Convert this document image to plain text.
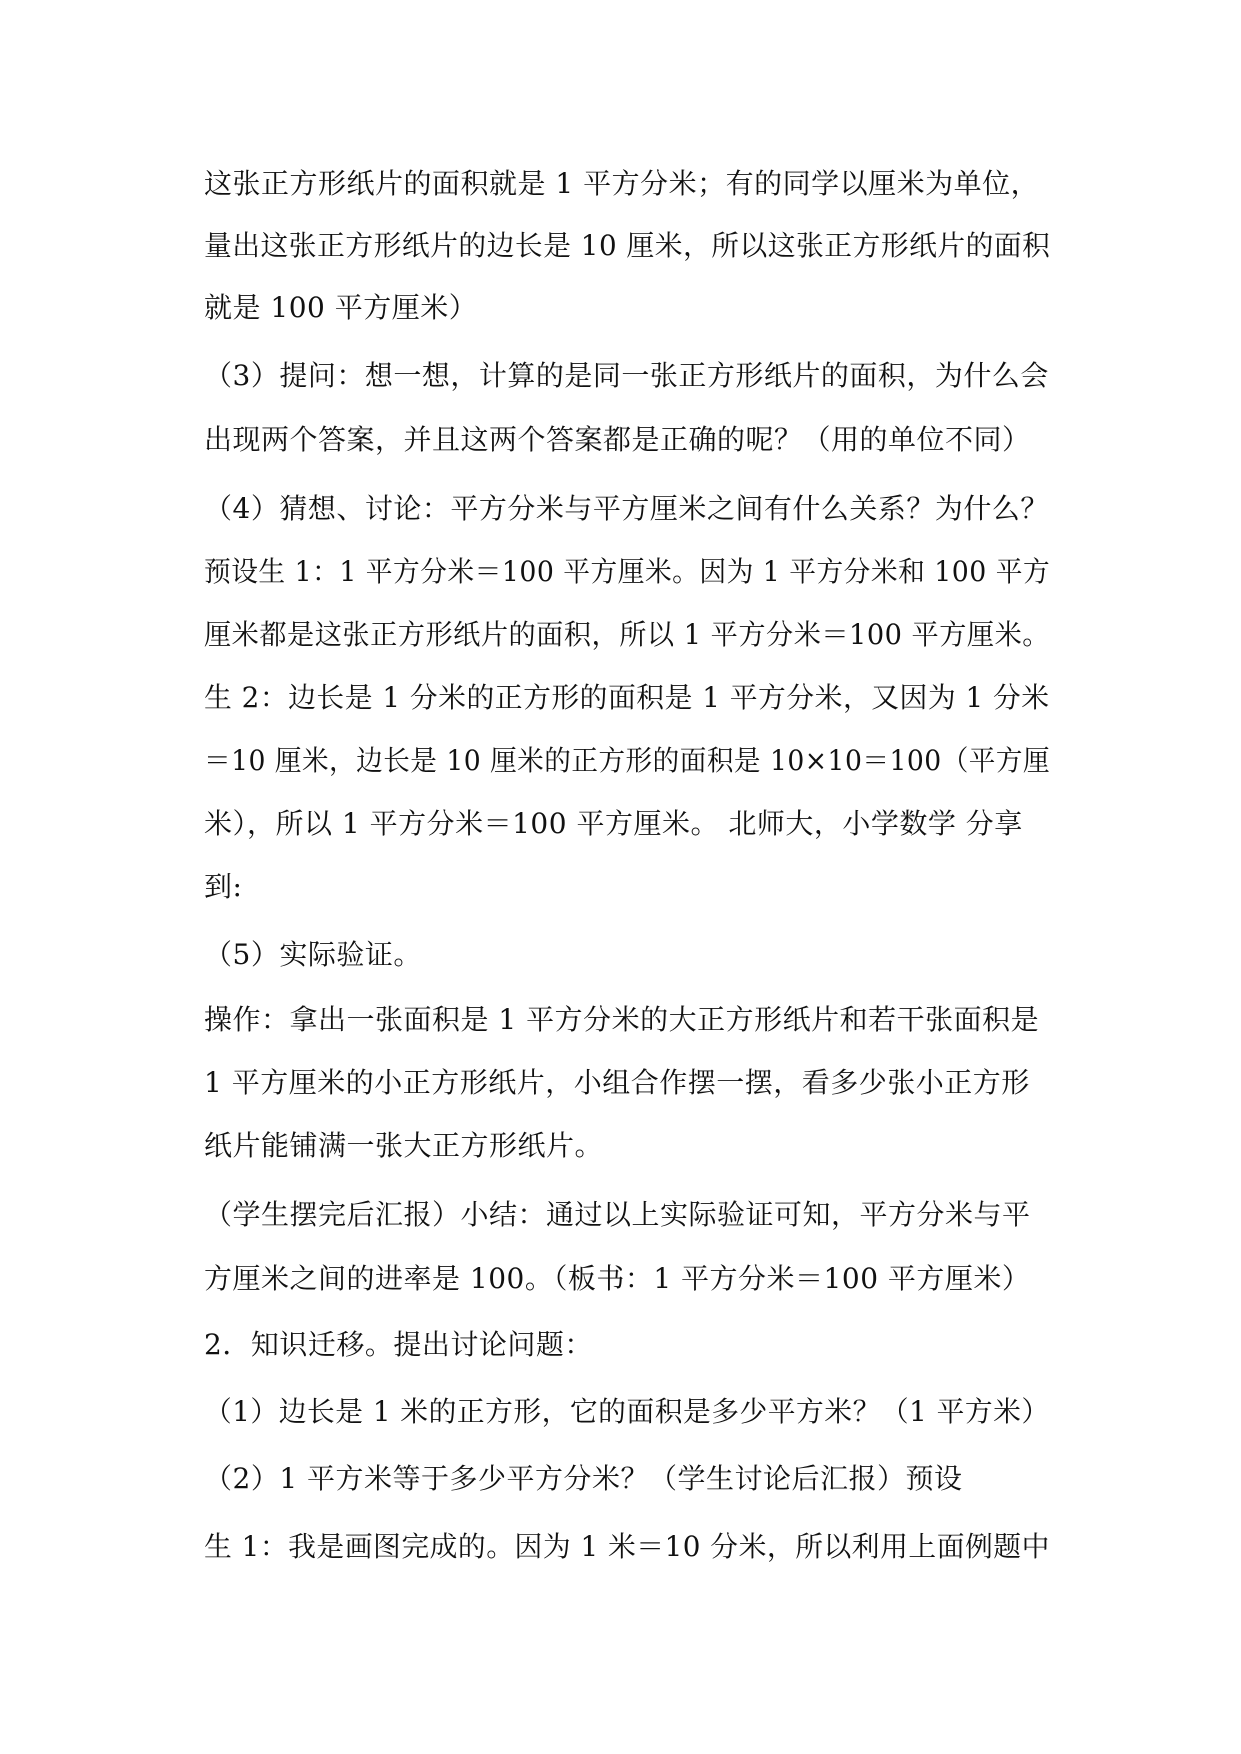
这张正方形纸片的面积就是 1 平方分米；有的同学以厘米为单位，
量出这张正方形纸片的边长是 10 厘米，所以这张正方形纸片的面积
就是 100 平方厘米）
（3）提问：想一想，计算的是同一张正方形纸片的面积，为什么会
出现两个答案，并且这两个答案都是正确的呢？（用的单位不同）
（4）猜想、讨论：平方分米与平方厘米之间有什么关系？为什么？
预设生 1：1 平方分米＝100 平方厘米。因为 1 平方分米和 100 平方
厘米都是这张正方形纸片的面积，所以 1 平方分米＝100 平方厘米。
生 2：边长是 1 分米的正方形的面积是 1 平方分米，又因为 1 分米
＝10 厘米，边长是 10 厘米的正方形的面积是 10×10＝100（平方厘
米），所以 1 平方分米＝100 平方厘米。 北师大，小学数学 分享
到:
（5）实际验证。
操作：拿出一张面积是 1 平方分米的大正方形纸片和若干张面积是
1 平方厘米的小正方形纸片，小组合作摆一摆，看多少张小正方形
纸片能铺满一张大正方形纸片。
（学生摆完后汇报）小结：通过以上实际验证可知，平方分米与平
方厘米之间的进率是 100。（板书：1 平方分米＝100 平方厘米）
2．知识迁移。提出讨论问题：
（1）边长是 1 米的正方形，它的面积是多少平方米？（1 平方米）
（2）1 平方米等于多少平方分米？（学生讨论后汇报）预设
生 1：我是画图完成的。因为 1 米＝10 分米，所以利用上面例题中
